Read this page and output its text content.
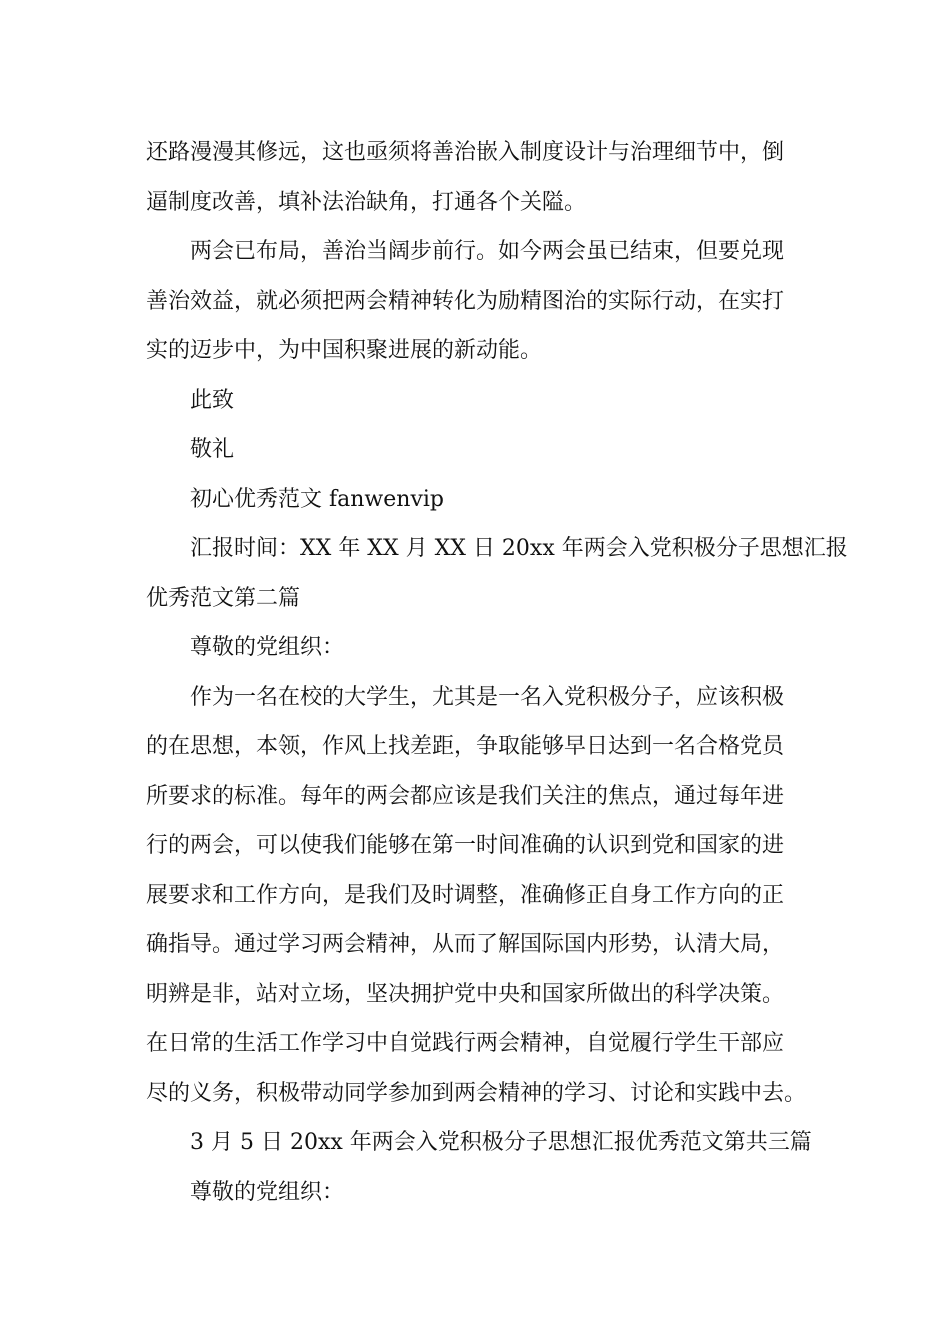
还路漫漫其修远，这也亟须将善治嵌入制度设计与治理细节中，倒
逼制度改善，填补法治缺角，打通各个关隘。
两会已布局，善治当阔步前行。如今两会虽已结束，但要兑现
善治效益，就必须把两会精神转化为励精图治的实际行动，在实打
实的迈步中，为中国积聚进展的新动能。
此致
敬礼
初心优秀范文 fanwenvip
汇报时间：XX 年 XX 月 XX 日 20xx 年两会入党积极分子思想汇报
优秀范文第二篇
尊敬的党组织：
作为一名在校的大学生，尤其是一名入党积极分子，应该积极
的在思想，本领，作风上找差距，争取能够早日达到一名合格党员
所要求的标准。每年的两会都应该是我们关注的焦点，通过每年进
行的两会，可以使我们能够在第一时间准确的认识到党和国家的进
展要求和工作方向，是我们及时调整，准确修正自身工作方向的正
确指导。通过学习两会精神，从而了解国际国内形势，认清大局，
明辨是非，站对立场，坚决拥护党中央和国家所做出的科学决策。
在日常的生活工作学习中自觉践行两会精神，自觉履行学生干部应
尽的义务，积极带动同学参加到两会精神的学习、讨论和实践中去。
3 月 5 日 20xx 年两会入党积极分子思想汇报优秀范文第共三篇
尊敬的党组织：
